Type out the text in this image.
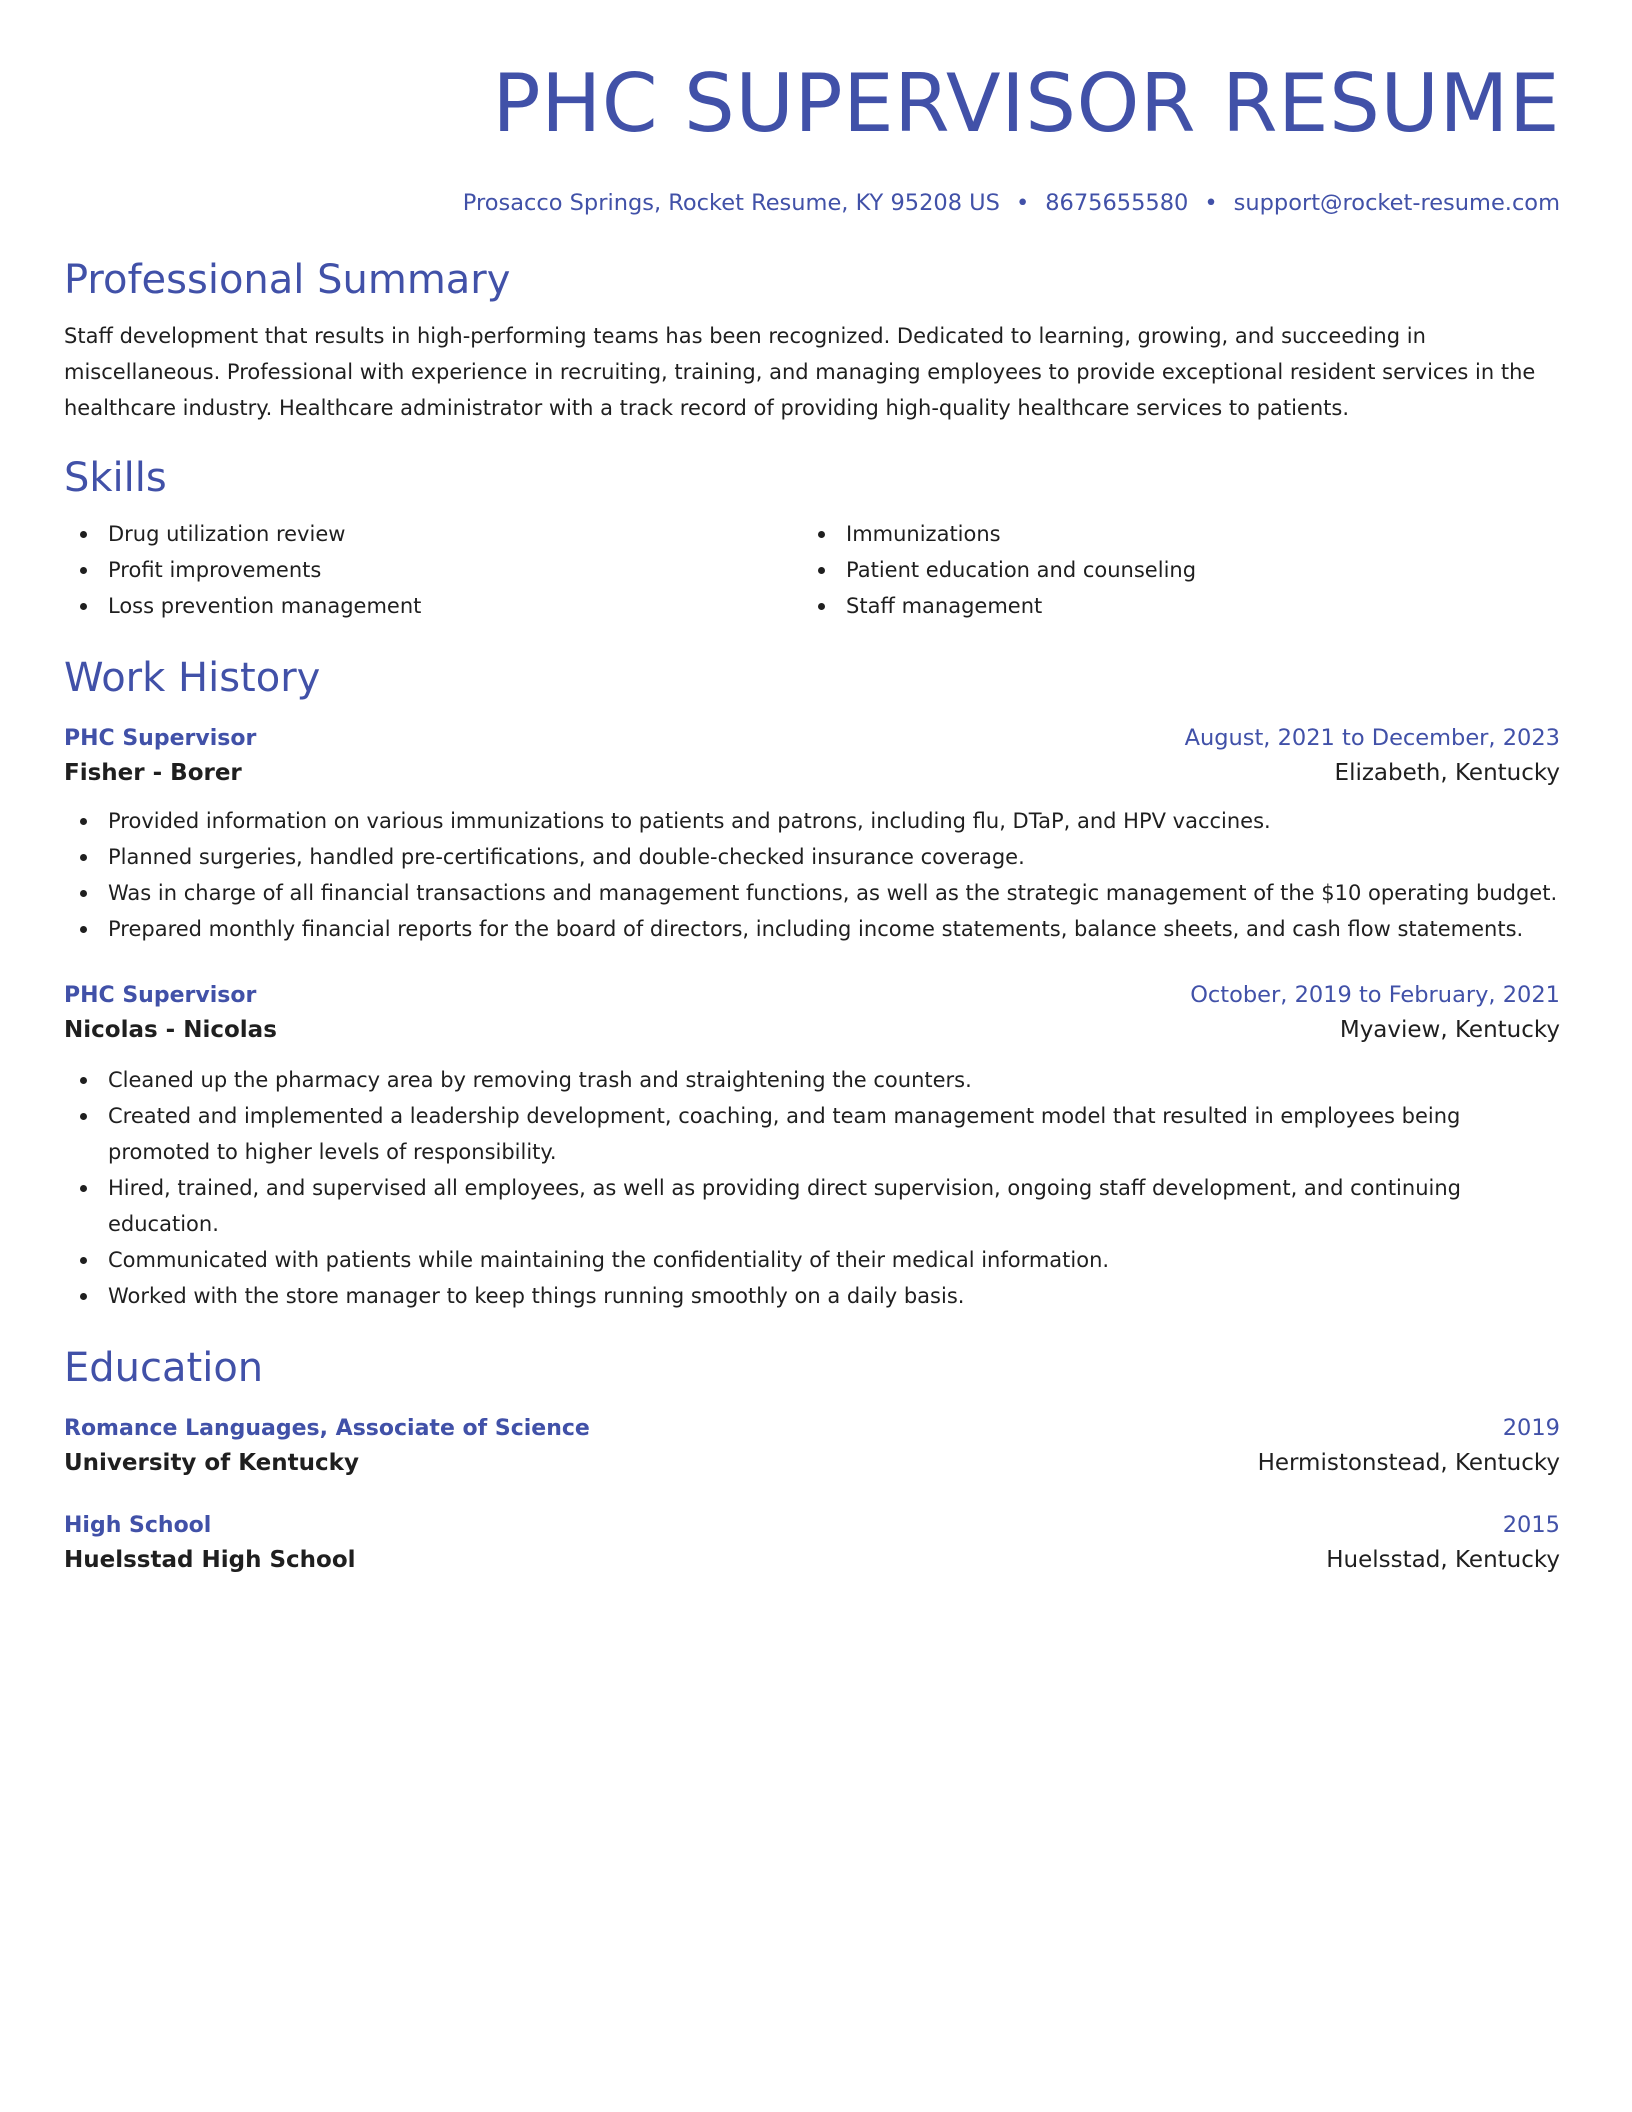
PHC SUPERVISOR RESUME
Prosacco Springs, Rocket Resume, KY 95208 US • 8675655580 • support@rocket-resume.com
Professional Summary

Staff development that results in high-performing teams has been recognized. Dedicated to learning, growing, and succeeding in miscellaneous. Professional with experience in recruiting, training, and managing employees to provide exceptional resident services in the healthcare industry. Healthcare administrator with a track record of providing high-quality healthcare services to patients.

Skills
Drug utilization review
Profit improvements
Loss prevention management
Immunizations
Patient education and counseling
Staff management
Work History
PHC Supervisor	August, 2021 to December, 2023
Fisher - Borer	Elizabeth, Kentucky
Provided information on various immunizations to patients and patrons, including flu, DTaP, and HPV vaccines.
Planned surgeries, handled pre-certifications, and double-checked insurance coverage.
Was in charge of all financial transactions and management functions, as well as the strategic management of the $10 operating budget.
Prepared monthly financial reports for the board of directors, including income statements, balance sheets, and cash flow statements.
PHC Supervisor	October, 2019 to February, 2021
Nicolas - Nicolas	Myaview, Kentucky
Cleaned up the pharmacy area by removing trash and straightening the counters.
Created and implemented a leadership development, coaching, and team management model that resulted in employees being promoted to higher levels of responsibility.
Hired, trained, and supervised all employees, as well as providing direct supervision, ongoing staff development, and continuing education.
Communicated with patients while maintaining the confidentiality of their medical information.
Worked with the store manager to keep things running smoothly on a daily basis.
Education
Romance Languages, Associate of Science	2019
University of Kentucky	Hermistonstead, Kentucky
High School	2015
Huelsstad High School	Huelsstad, Kentucky
